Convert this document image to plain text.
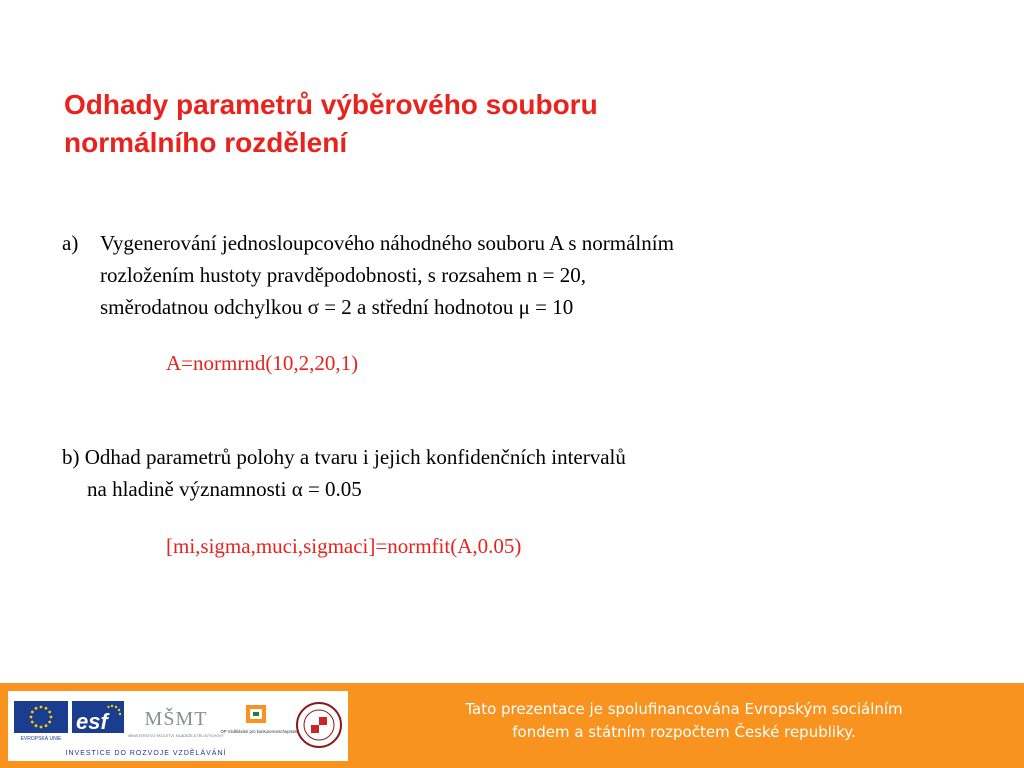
Odhady parametrů výběrového souboru
normálního rozdělení
a)	Vygenerování jednosloupcového náhodného souboru A s normálním
rozložením hustoty pravděpodobnosti, s rozsahem n = 20,
směrodatnou odchylkou σ = 2 a střední hodnotou μ = 10
A=normrnd(10,2,20,1)
b) Odhad parametrů polohy a tvaru i jejich konfidenčních intervalů
na hladině významnosti α = 0.05
[mi,sigma,muci,sigmaci]=normfit(A,0.05)
EVROPSKÁ UNIE
esf MŠMT
MINISTERSTVO ŠKOLSTVÍ, MLÁDEŽE A TĚLOVÝCHOVY
OP Vzdělávání pro konkurenceschopnost
INVESTICE DO ROZVOJE VZDĚLÁVÁNÍ
Tato prezentace je spolufinancována Evropským sociálním
fondem a státním rozpočtem České republiky.
